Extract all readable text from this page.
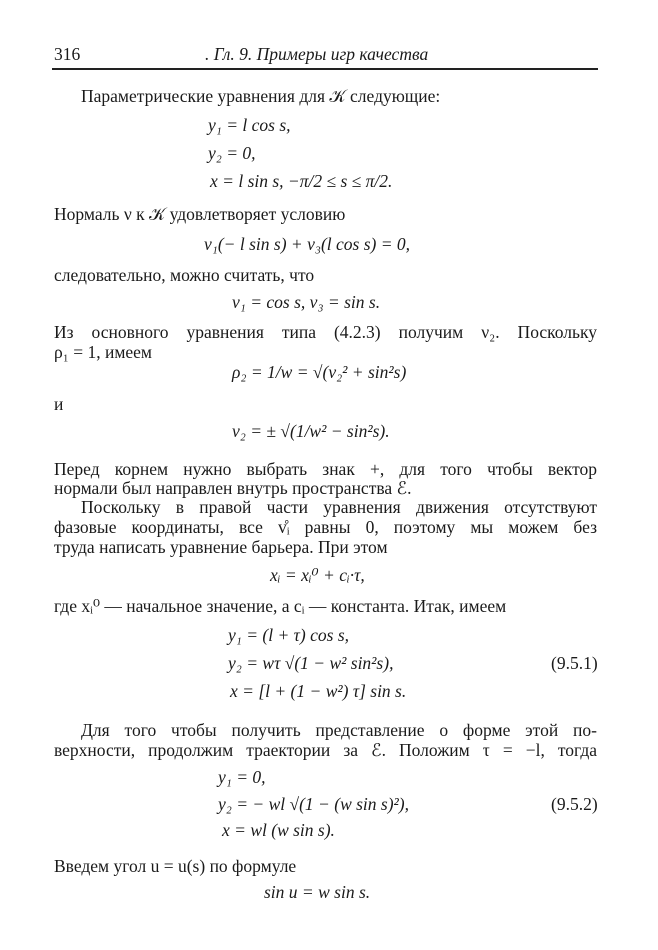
316	. Гл. 9. Примеры игр качества
Параметрические уравнения для 𝒦 следующие:
y₁ = l cos s,
y₂ = 0,
x = l sin s, −π/2 ≤ s ≤ π/2.
Нормаль ν к 𝒦 удовлетворяет условию
ν₁(− l sin s) + ν₃(l cos s) = 0,
следовательно, можно считать, что
ν₁ = cos s, ν₃ = sin s.
Из основного уравнения типа (4.2.3) получим ν₂. Поскольку
ρ₁ = 1, имеем
ρ₂ = 1/w = √(ν₂² + sin²s)
и
ν₂ = ± √(1/w² − sin²s).
Перед корнем нужно выбрать знак +, для того чтобы вектор
нормали был направлен внутрь пространства ℰ.
Поскольку в правой части уравнения движения отсутствуют
фазовые координаты, все v̊ᵢ равны 0, поэтому мы можем без
труда написать уравнение барьера. При этом
xᵢ = xᵢ⁰ + cᵢ·τ,
где xᵢ⁰ — начальное значение, а cᵢ — константа. Итак, имеем
y₁ = (l + τ) cos s,
y₂ = wτ √(1 − w² sin²s),	(9.5.1)
x = [l + (1 − w²) τ] sin s.
Для того чтобы получить представление о форме этой по-
верхности, продолжим траектории за ℰ. Положим τ = −l, тогда
y₁ = 0,
y₂ = − wl √(1 − (w sin s)²),	(9.5.2)
x = wl (w sin s).
Введем угол u = u(s) по формуле
sin u = w sin s.
